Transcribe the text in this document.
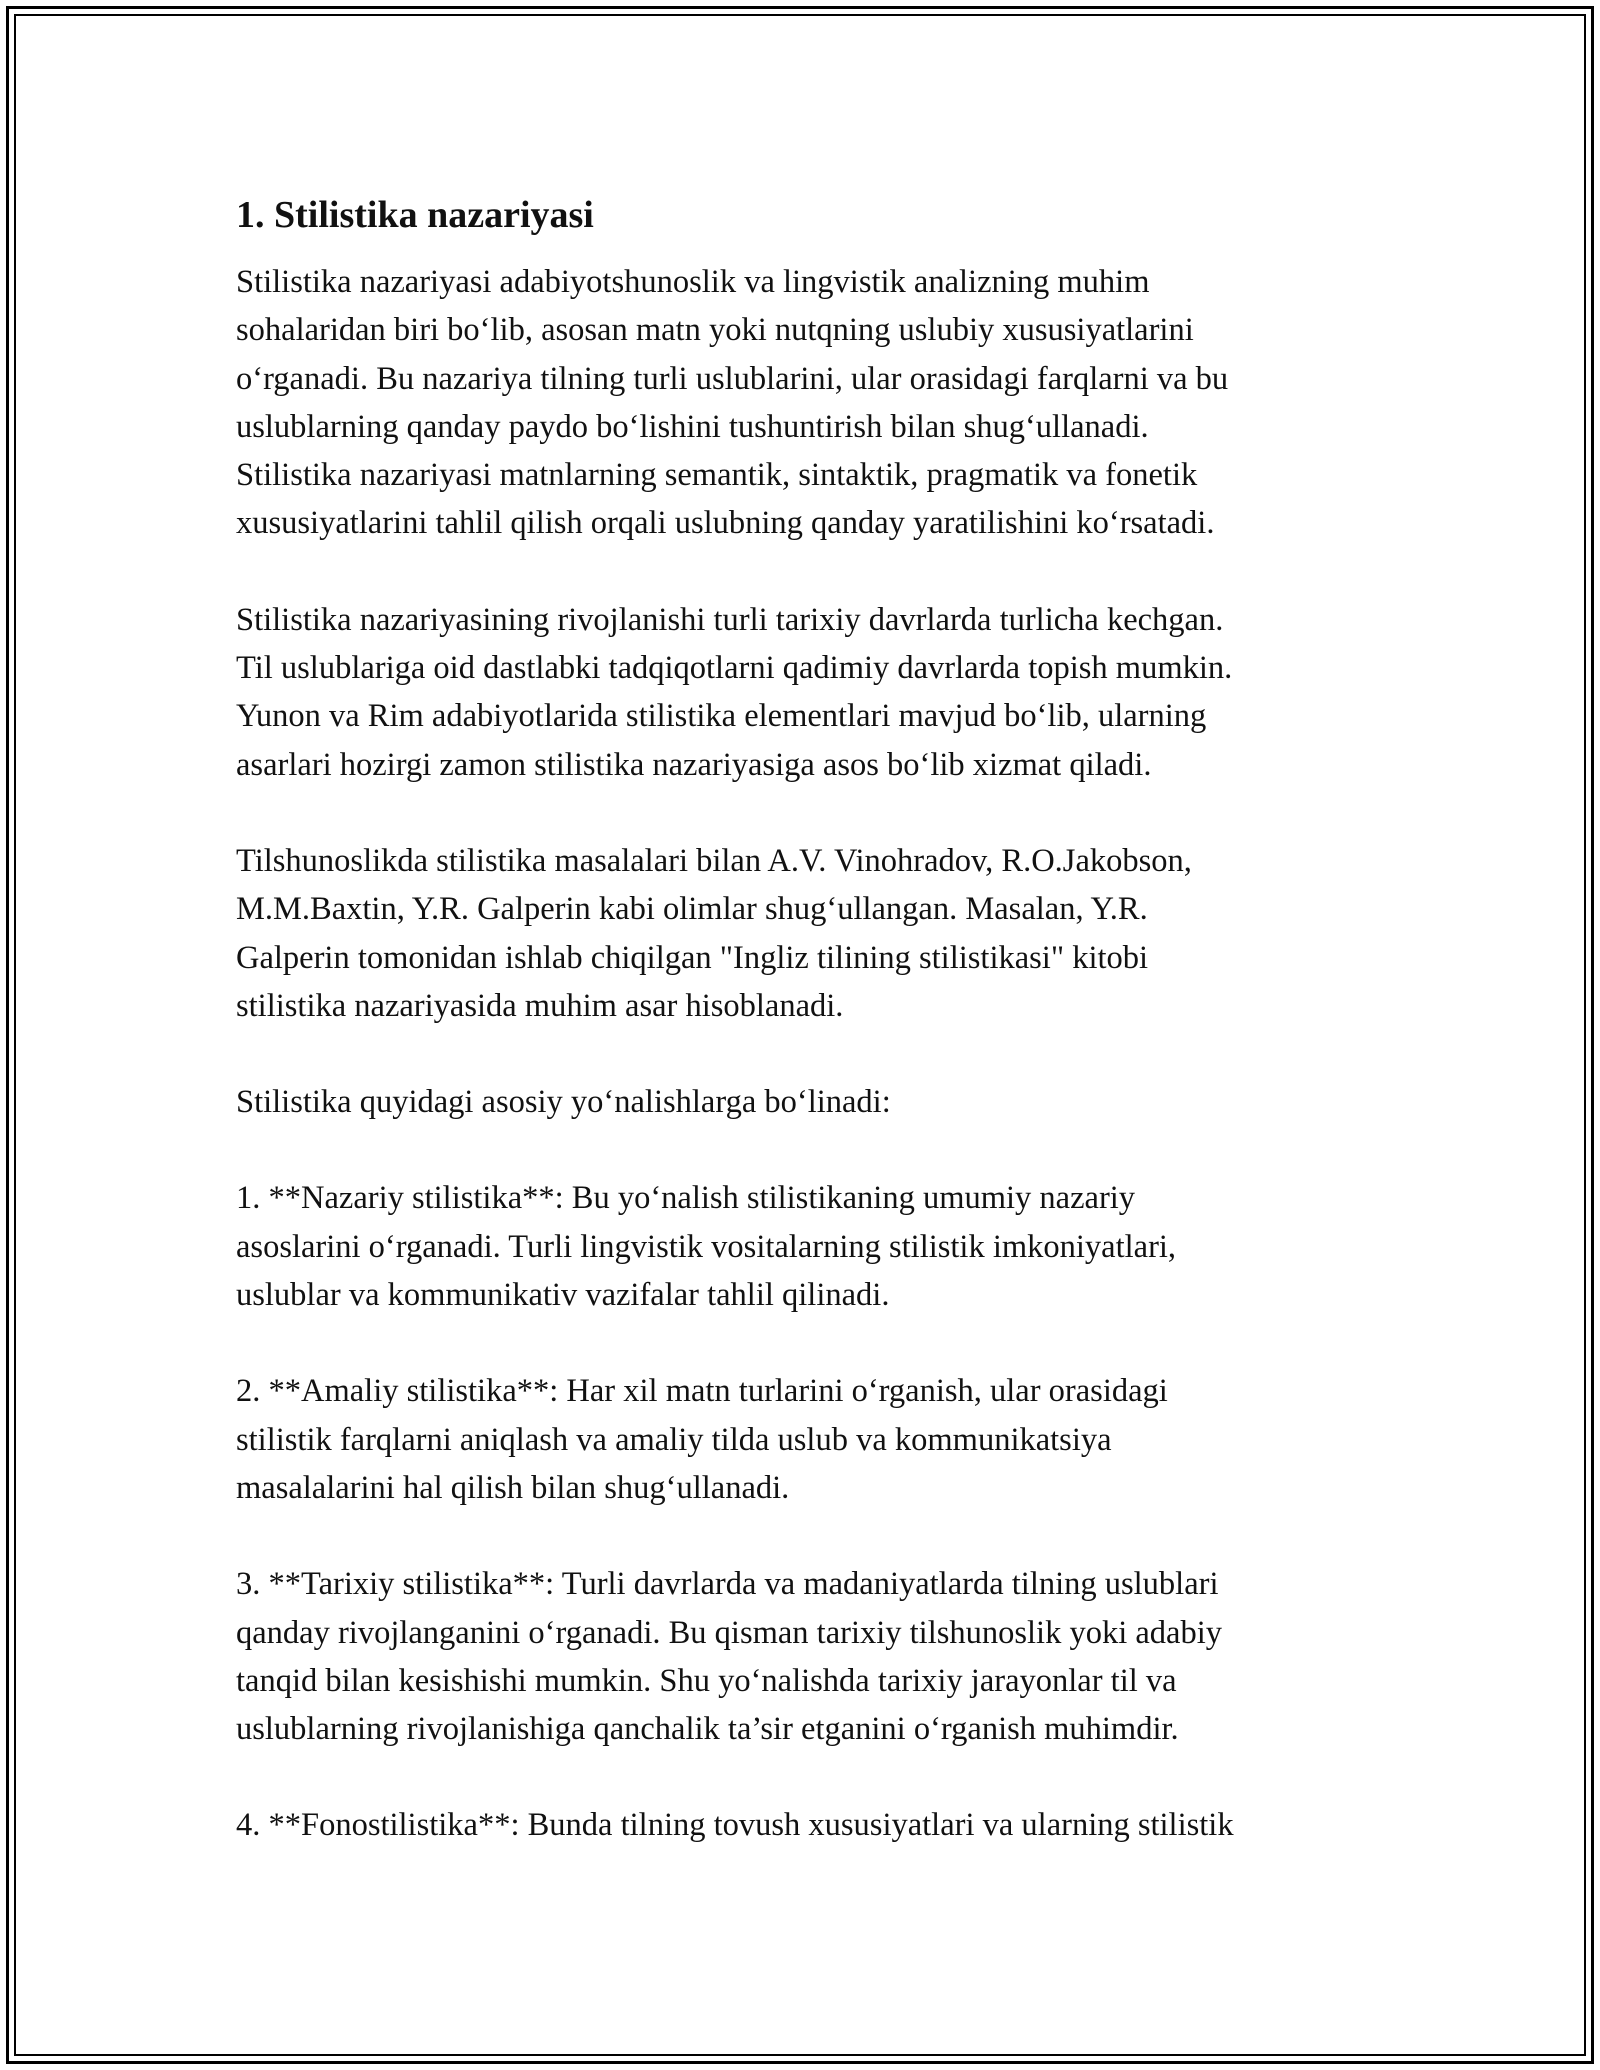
1. Stilistika nazariyasi
Stilistika nazariyasi adabiyotshunoslik va lingvistik analizning muhim
sohalaridan biri bo‘lib, asosan matn yoki nutqning uslubiy xususiyatlarini
o‘rganadi. Bu nazariya tilning turli uslublarini, ular orasidagi farqlarni va bu
uslublarning qanday paydo bo‘lishini tushuntirish bilan shug‘ullanadi.
Stilistika nazariyasi matnlarning semantik, sintaktik, pragmatik va fonetik
xususiyatlarini tahlil qilish orqali uslubning qanday yaratilishini ko‘rsatadi.
Stilistika nazariyasining rivojlanishi turli tarixiy davrlarda turlicha kechgan.
Til uslublariga oid dastlabki tadqiqotlarni qadimiy davrlarda topish mumkin.
Yunon va Rim adabiyotlarida stilistika elementlari mavjud bo‘lib, ularning
asarlari hozirgi zamon stilistika nazariyasiga asos bo‘lib xizmat qiladi.
Tilshunoslikda stilistika masalalari bilan A.V. Vinohradov, R.O.Jakobson,
M.M.Baxtin, Y.R. Galperin kabi olimlar shug‘ullangan. Masalan, Y.R.
Galperin tomonidan ishlab chiqilgan "Ingliz tilining stilistikasi" kitobi
stilistika nazariyasida muhim asar hisoblanadi.
Stilistika quyidagi asosiy yo‘nalishlarga bo‘linadi:
1. **Nazariy stilistika**: Bu yo‘nalish stilistikaning umumiy nazariy
asoslarini o‘rganadi. Turli lingvistik vositalarning stilistik imkoniyatlari,
uslublar va kommunikativ vazifalar tahlil qilinadi.
2. **Amaliy stilistika**: Har xil matn turlarini o‘rganish, ular orasidagi
stilistik farqlarni aniqlash va amaliy tilda uslub va kommunikatsiya
masalalarini hal qilish bilan shug‘ullanadi.
3. **Tarixiy stilistika**: Turli davrlarda va madaniyatlarda tilning uslublari
qanday rivojlanganini o‘rganadi. Bu qisman tarixiy tilshunoslik yoki adabiy
tanqid bilan kesishishi mumkin. Shu yo‘nalishda tarixiy jarayonlar til va
uslublarning rivojlanishiga qanchalik ta’sir etganini o‘rganish muhimdir.
4. **Fonostilistika**: Bunda tilning tovush xususiyatlari va ularning stilistik
